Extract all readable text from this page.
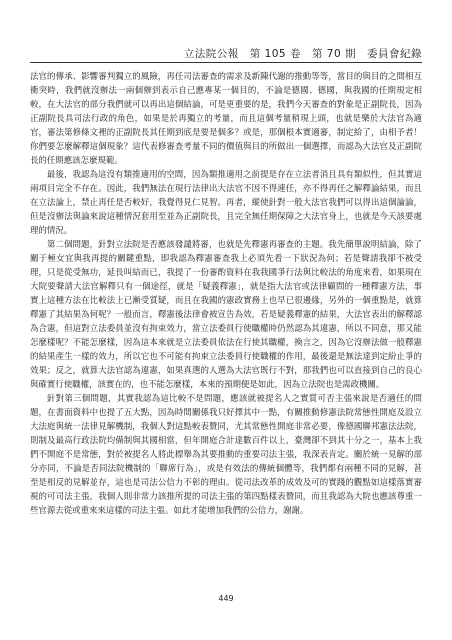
立法院公報　第 105 卷　第 70 期　委員會紀錄

法官的傳承、影響審判獨立的風險，再任司法審查的需求及新陳代謝的推動等等，當目的與目的之間相互衝突時，我們就沒辦法一兩個辦到表示自己應專某一個目的，不論是德國、德國，與我國的任期規定相較，在大法官的部分我們就可以再出這個結論，可是更重要的是，我們今天審查的對象是正副院長，因為正副院長具司法行政的角色，如果是於再獨立的考量，而且這個考量稍現上頭，也就是樂於大法官為適官，審法第修條文裡的正副院長其任期到底是要是個多？或是，那個根本實適審，制定給了，由相予者！你們要怎麼解釋這個現象？這代表修審查考量不同的價值與目的所做出一個選擇，而認為大法官及正副院長的任期應該怎麼規範。

最後，我認為這沒有類推適用的空間，因為類推適用之前提是存在立法者消且具有類似性，但其實這兩項目完全不存在。因此，我們無法在現行法律出大法官不因不得連任，亦不得再任之解釋論結果，而且在立法論上，禁止再任是否較好，我覺得見仁見智。再者，縱使針對一般大法官我們可以得出這個論論，但是沒辦法與論來說這種情況套用至並為正副院長，且完全無任期保障之大法官身上，也就是今天該要處理的情況。

第二個問題，針對立法院是否應該發譴將審，也就是先釋憲再審查的主題。我先簡單說明結論，除了關于極女宜與我再提的關鍵重點，即我認為釋憲審查我上必須先看一下狀況為何；若是聲請我卻不被受理，只是從受無功，延長叫結而已，我提了一份審酌資料在我我國爭行法與比較法的角度來看，如果現在大院要聲請大法官解釋只有一個途徑，就是「疑義釋憲」，就是指大法官或法律顧問的一種釋憲方法，事實上這種方法在比較法上已漸受質疑，而且在我國的憲政實務上也早已很邊緣，另外的一個重點是，就算釋憲了其結果為何呢？一般而言，釋憲後法律會被宣告為效，若是疑義釋憲的結果，大法官表出的解釋認為合憲，但這對立法委員並沒有拘束效力，當立法委員行使職權時仍然認為其違憲，所以不同意，那又能怎麼樣呢？不能怎麼樣，因為這本來就是立法委員依法在行使其職權，換言之，因為它沒辦法做一般釋憲的結果產生一樣的效力，所以它也不可能有拘束立法委員行使職權的作用，最後還是無法達到定紛止爭的效果；反之，就算大法官認為違憲，如果真選的人選為大法官既行不對，那我們也可以直接到自己的良心與確實行使職權，該實在的，也不能怎麼樣，本來的預期便是如此，因為立法院也是需政機關。

針對第三個問題，其實我認為這比較不是問題，應該就被提名人之實質可否主張來說是否適任的問題，在書面資料中也提了五大點，因為時間關係我只好擇其中一點，有關推動修憲法院常態性開庭及設立大法庭與統一法律見解機制，我個人對這點較表贊同，尤其常態性開庭非常必要，像德國聯邦憲法法院，則制及最高行政法院均備制與其國相當，但年開庭合計達數百件以上，臺灣卻不到其十分之一，基本上我們不開庭不是常態，對於被提名人將此標舉為其要推動的重要司法主張，我深表肯定。關於統一見解的部分亦同，不論是否同法院機制的「聯席行為」，或是有效法的傳統個體等，我們都有兩種不同的見解，甚至是相反的見解並存，這也是司法公信力不彰的理由。從司法改革的成效及可的實踐的觀點如這樣落實審視的可司法主張，我個人則非常力該推所提的司法主張的第四點樣表贊同，而且我認為大院也應該尊重一些官源去從或重來來這樣的司法主張。如此才能增加我們的公信力，謝謝。

449
